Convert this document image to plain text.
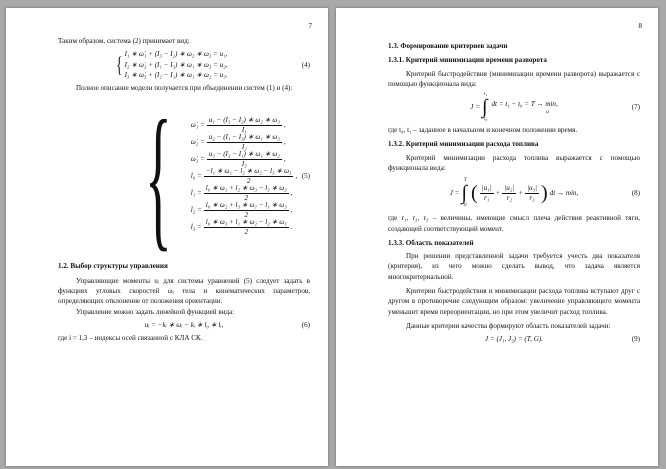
7

Таким образом, система (2) принимает вид:

{ I₁ ∗ ω̇₁ + (I₃ − I₂) ∗ ω₂ ∗ ω₃ = u₁,
I₂ ∗ ω̇₂ + (I₁ − I₃) ∗ ω₁ ∗ ω₃ = u₂,
I₃ ∗ ω̇₃ + (I₂ − I₁) ∗ ω₁ ∗ ω₂ = u₃.
(4)

Полное описание модели получается при объединении систем (1) и (4):

{	ω̇₁ = $\frac{\text{u₁ − (I₃ − I₂) ∗ ω₂ ∗ ω₃}}{\text{I₁}}$ ,
ω̇₂ = $\frac{\text{u₂ − (I₁ − I₃) ∗ ω₁ ∗ ω₃}}{\text{I₂}}$ ,
ω̇₃ = $\frac{\text{u₃ − (I₂ − I₁) ∗ ω₁ ∗ ω₂}}{\text{I₃}}$ ,
l̇₀ = $\frac{\text{−l₁ ∗ ω₁ − l₂ ∗ ω₂ − l₃ ∗ ω₃}}{2}$ ,
l̇₁ = $\frac{\text{l₀ ∗ ω₁ + l₂ ∗ ω₃ − l₃ ∗ ω₂}}{2}$ ,
l̇₂ = $\frac{\text{l₀ ∗ ω₂ + l₃ ∗ ω₁ − l₁ ∗ ω₃}}{2}$ ,
l̇₃ = $\frac{\text{l₀ ∗ ω₃ + l₁ ∗ ω₂ − l₂ ∗ ω₁}}{2}$ .
(5)
1.2. Выбор структуры управления

Управляющие моменты uᵢ для системы уравнений (5) следует задать в функциях угловых скоростей ωᵢ тела и кинематических параметров, определяющих отклонение от положения ориентации.

Управление можно задать линейной функцией вида:

uᵢ = −kᵢ ∗ ωᵢ − kᵢ ∗ l₀ ∗ lᵢ,	(6)

где i = 1,3 – индексы осей связанной с КЛА СК.

8
1.3. Формирование критериев задачи
1.3.1. Критерий минимизации времени разворота

Критерий быстродействия (минимизации времени разворота) выражается с помощью функционала вида:

J =
t₁
∫
t₀
dt = t₁ − t₀ = T → min,
u
(7)

где t₀, t₁ – заданное в начальном и конечном положении время.

1.3.2. Критерий минимизации расхода топлива

Критерий минимизации расхода топлива выражается с помощью функционала вида:

J =
T
∫
0
( $\frac{\text{|u₁|}}{\text{r₁}} + \frac{\text{|u₂|}}{\text{r₂}} + \frac{\text{|u₃|}}{\text{r₃}}$ ) dt → min,	(8)

где r₁, r₂, r₃ – величины, имеющие смысл плеча действия реактивной тяги, создающей соответствующий момент.

1.3.3. Область показателей

При решении представленной задачи требуется учесть два показателя (критерия), из чего можно сделать вывод, что задача является многокритериальной.

Критерии быстродействия и минимизации расхода топлива вступают друг с другом в противоречие следующим образом: увеличение управляющего момента уменьшит время переориентации, но при этом увеличит расход топлива.

Данные критерии качества формируют область показателей задачи:

J = (J₁, J₂) = (T, G).	(9)
